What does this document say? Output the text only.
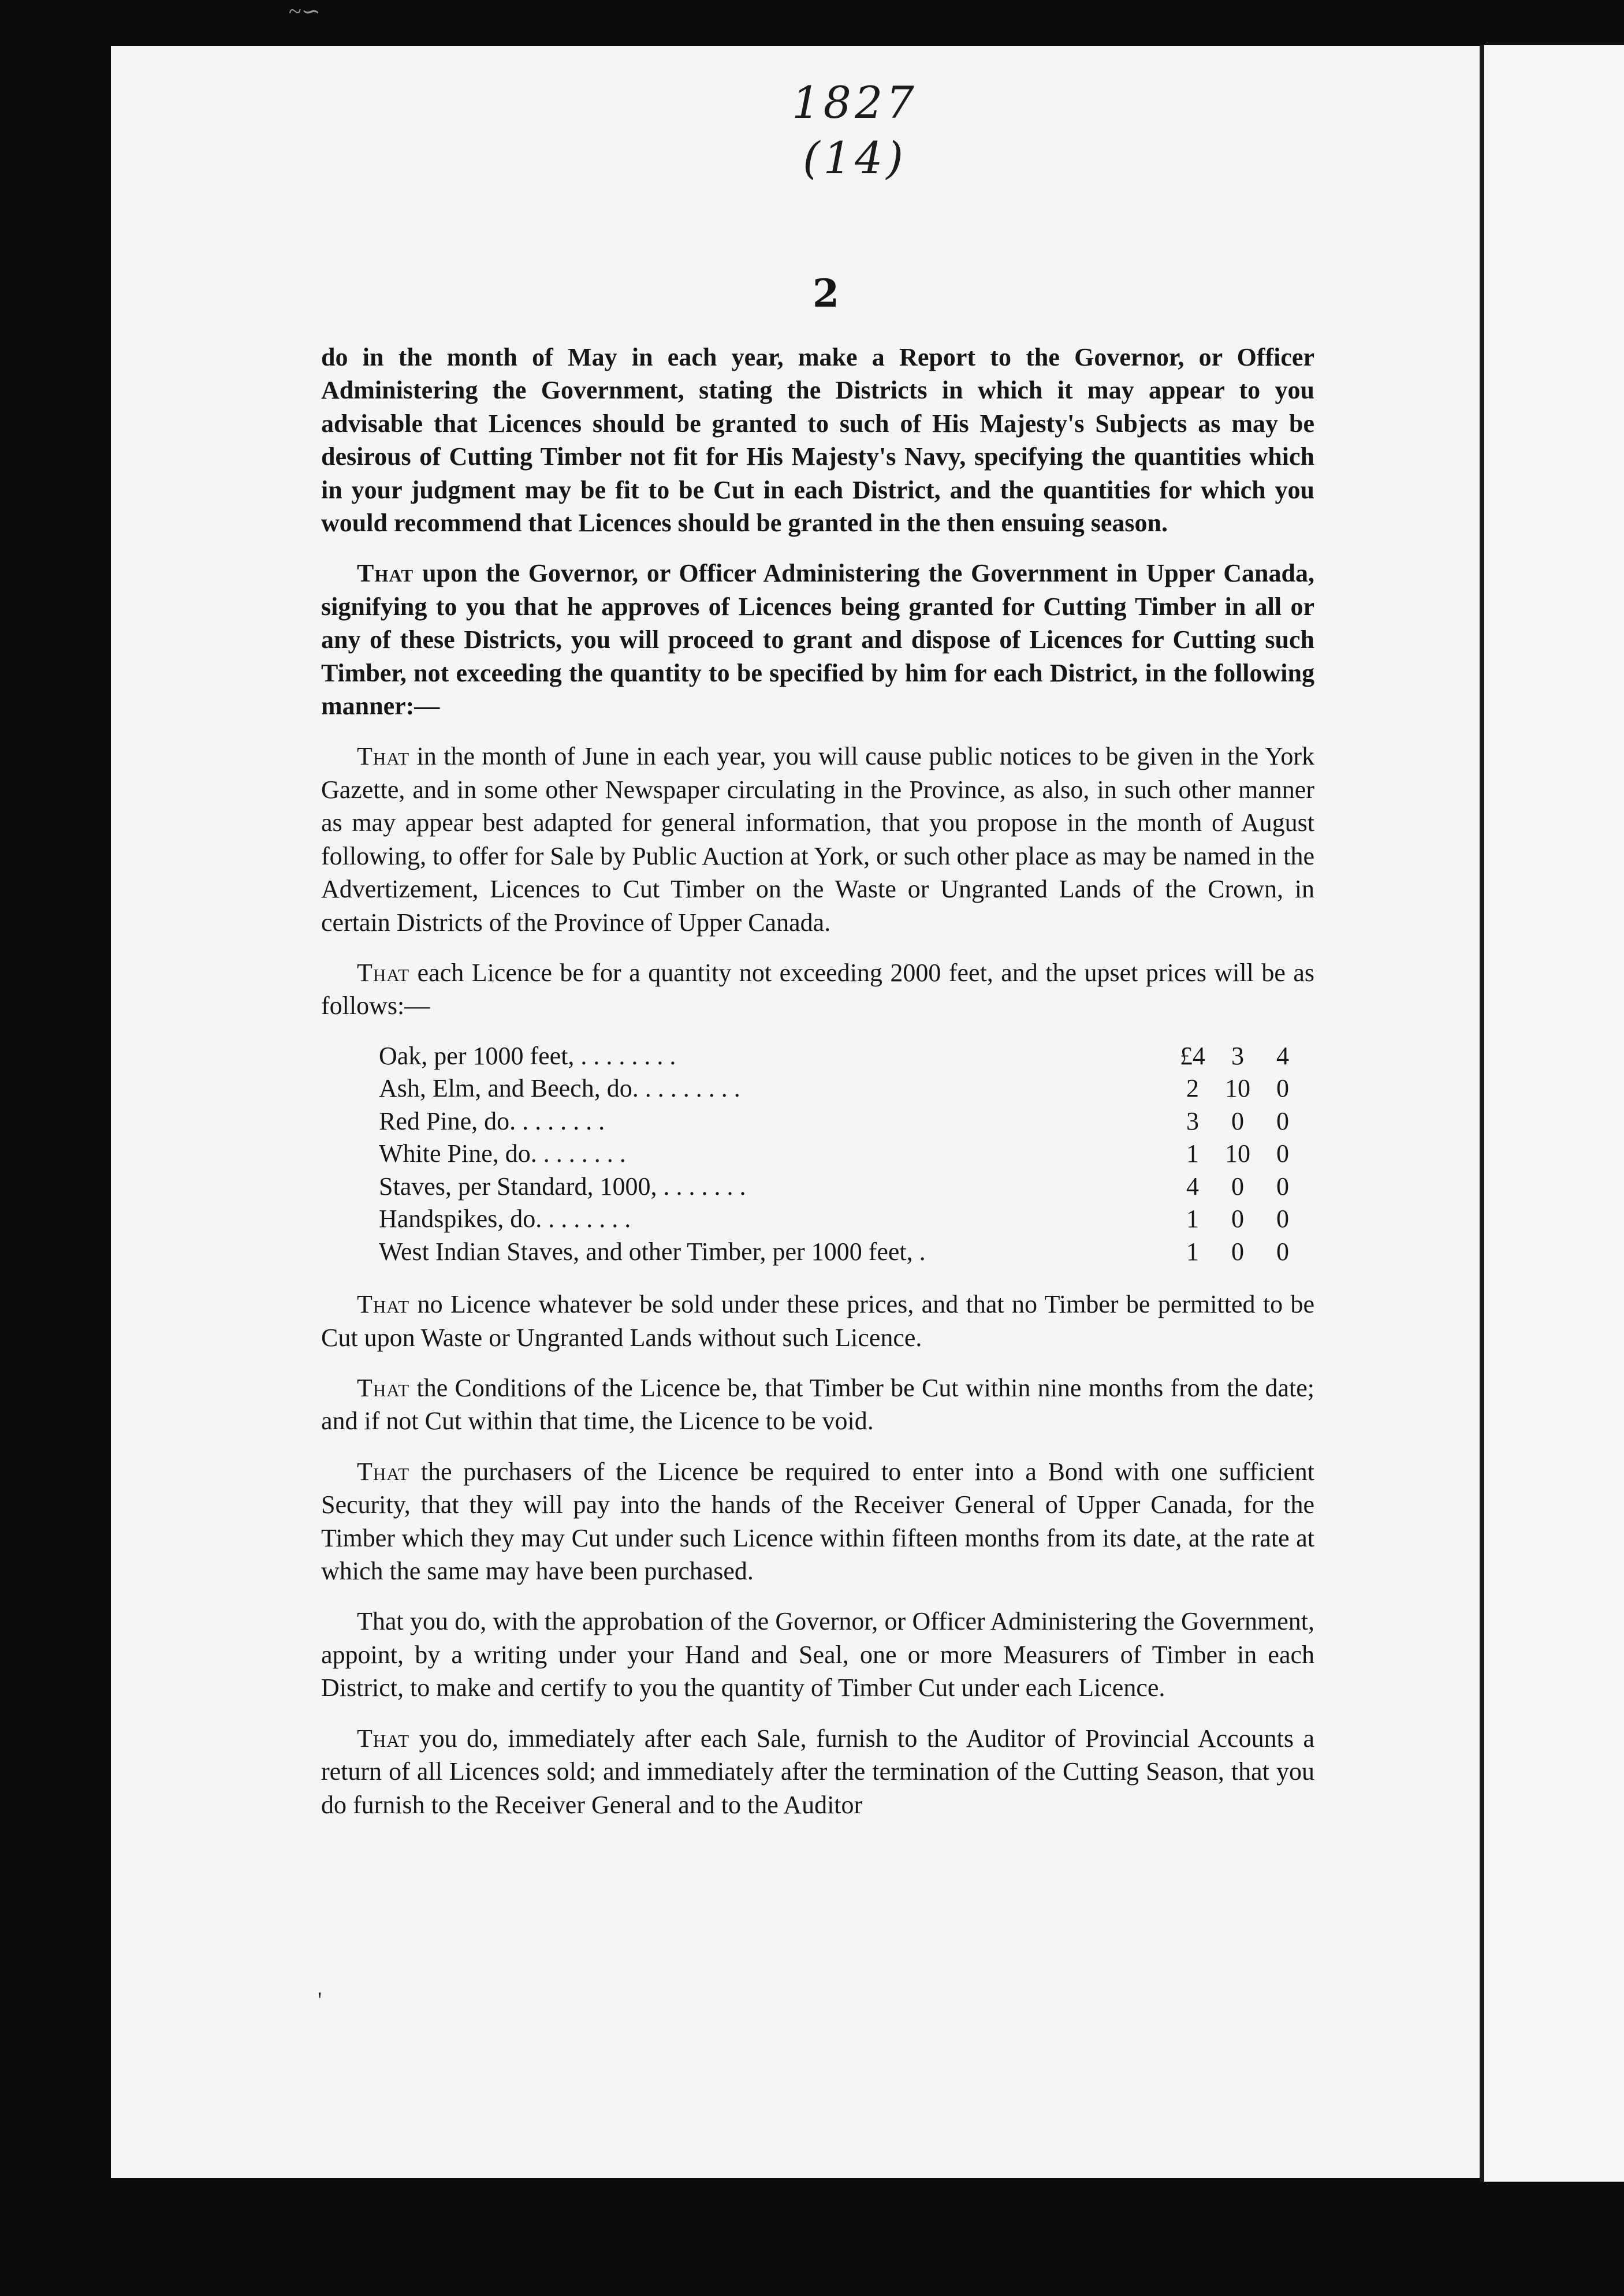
~∽
1827
(14)
2

do in the month of May in each year, make a Report to the Governor, or Officer Administering the Government, stating the Districts in which it may appear to you advisable that Licences should be granted to such of His Majesty's Subjects as may be desirous of Cutting Timber not fit for His Majesty's Navy, specifying the quantities which in your judgment may be fit to be Cut in each District, and the quantities for which you would recommend that Licences should be granted in the then ensuing season.

That upon the Governor, or Officer Administering the Government in Upper Canada, signifying to you that he approves of Licences being granted for Cutting Timber in all or any of these Districts, you will proceed to grant and dispose of Licences for Cutting such Timber, not exceeding the quantity to be specified by him for each District, in the following manner:—

That in the month of June in each year, you will cause public notices to be given in the York Gazette, and in some other Newspaper circulating in the Province, as also, in such other manner as may appear best adapted for general information, that you propose in the month of August following, to offer for Sale by Public Auction at York, or such other place as may be named in the Advertizement, Licences to Cut Timber on the Waste or Ungranted Lands of the Crown, in certain Districts of the Province of Upper Canada.

That each Licence be for a quantity not exceeding 2000 feet, and the upset prices will be as follows:—

Oak, per 1000 feet, . . . . . . . .	£4	3	4
Ash, Elm, and Beech, do. . . . . . . . .	2	10	0
Red Pine, do. . . . . . . .	3	0	0
White Pine, do. . . . . . . .	1	10	0
Staves, per Standard, 1000, . . . . . . .	4	0	0
Handspikes, do. . . . . . . .	1	0	0
West Indian Staves, and other Timber, per 1000 feet, .	1	0	0

That no Licence whatever be sold under these prices, and that no Timber be permitted to be Cut upon Waste or Ungranted Lands without such Licence.

That the Conditions of the Licence be, that Timber be Cut within nine months from the date; and if not Cut within that time, the Licence to be void.

That the purchasers of the Licence be required to enter into a Bond with one sufficient Security, that they will pay into the hands of the Receiver General of Upper Canada, for the Timber which they may Cut under such Licence within fifteen months from its date, at the rate at which the same may have been purchased.

That you do, with the approbation of the Governor, or Officer Administering the Government, appoint, by a writing under your Hand and Seal, one or more Measurers of Timber in each District, to make and certify to you the quantity of Timber Cut under each Licence.

That you do, immediately after each Sale, furnish to the Auditor of Provincial Accounts a return of all Licences sold; and immediately after the termination of the Cutting Season, that you do furnish to the Receiver General and to the Auditor

'
